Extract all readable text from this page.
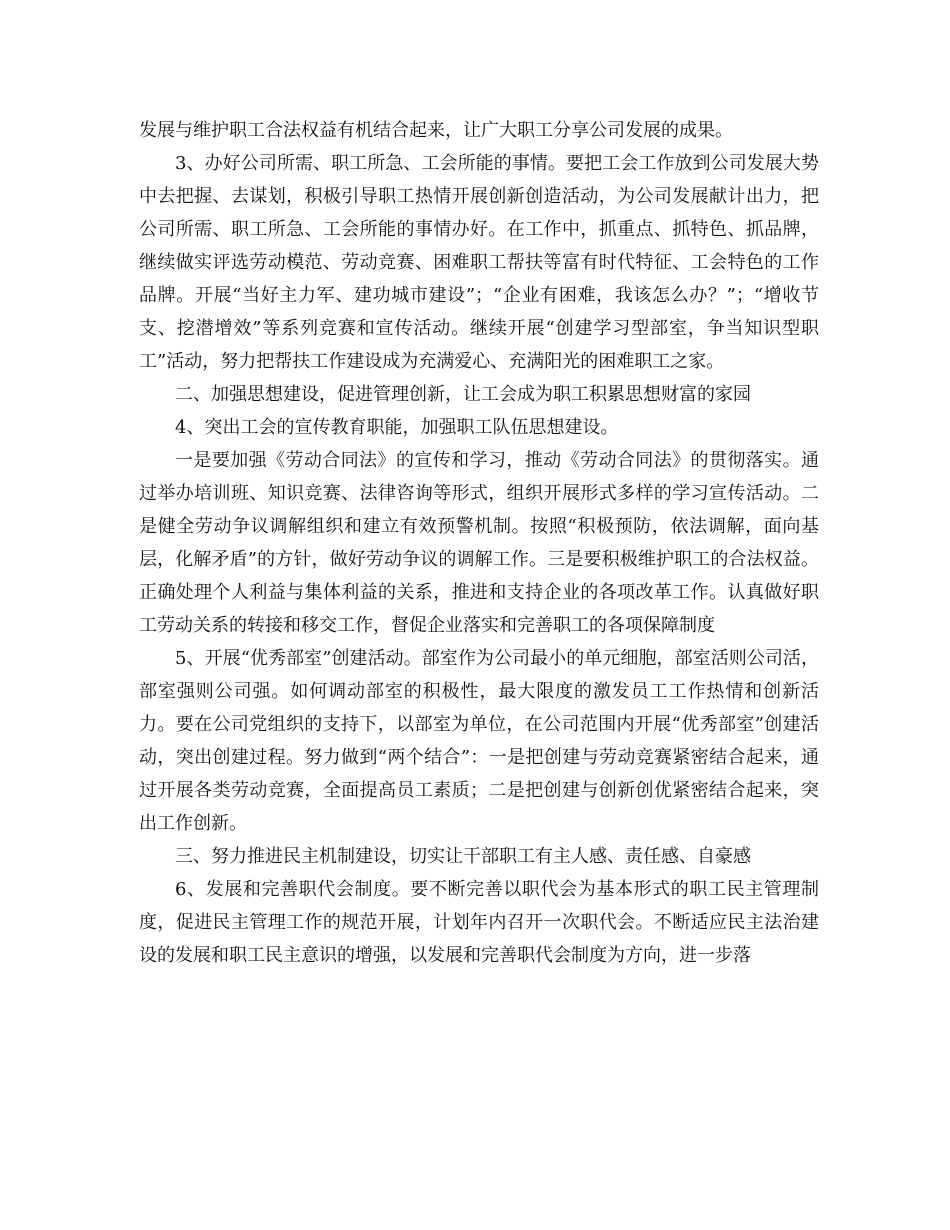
发展与维护职工合法权益有机结合起来，让广大职工分享公司发展的成果。

3、办好公司所需、职工所急、工会所能的事情。要把工会工作放到公司发展大势中去把握、去谋划，积极引导职工热情开展创新创造活动，为公司发展献计出力，把公司所需、职工所急、工会所能的事情办好。在工作中，抓重点、抓特色、抓品牌，继续做实评选劳动模范、劳动竞赛、困难职工帮扶等富有时代特征、工会特色的工作品牌。开展“当好主力军、建功城市建设”；“企业有困难，我该怎么办？”；“增收节支、挖潜增效”等系列竞赛和宣传活动。继续开展“创建学习型部室，争当知识型职工”活动，努力把帮扶工作建设成为充满爱心、充满阳光的困难职工之家。

二、加强思想建设，促进管理创新，让工会成为职工积累思想财富的家园

4、突出工会的宣传教育职能，加强职工队伍思想建设。

一是要加强《劳动合同法》的宣传和学习，推动《劳动合同法》的贯彻落实。通过举办培训班、知识竞赛、法律咨询等形式，组织开展形式多样的学习宣传活动。二是健全劳动争议调解组织和建立有效预警机制。按照“积极预防，依法调解，面向基层，化解矛盾”的方针，做好劳动争议的调解工作。三是要积极维护职工的合法权益。正确处理个人利益与集体利益的关系，推进和支持企业的各项改革工作。认真做好职工劳动关系的转接和移交工作，督促企业落实和完善职工的各项保障制度

5、开展“优秀部室”创建活动。部室作为公司最小的单元细胞，部室活则公司活，部室强则公司强。如何调动部室的积极性，最大限度的激发员工工作热情和创新活力。要在公司党组织的支持下，以部室为单位，在公司范围内开展“优秀部室”创建活动，突出创建过程。努力做到“两个结合”：一是把创建与劳动竞赛紧密结合起来，通过开展各类劳动竞赛，全面提高员工素质；二是把创建与创新创优紧密结合起来，突出工作创新。

三、努力推进民主机制建设，切实让干部职工有主人感、责任感、自豪感

6、发展和完善职代会制度。要不断完善以职代会为基本形式的职工民主管理制度，促进民主管理工作的规范开展，计划年内召开一次职代会。不断适应民主法治建设的发展和职工民主意识的增强，以发展和完善职代会制度为方向，进一步落
